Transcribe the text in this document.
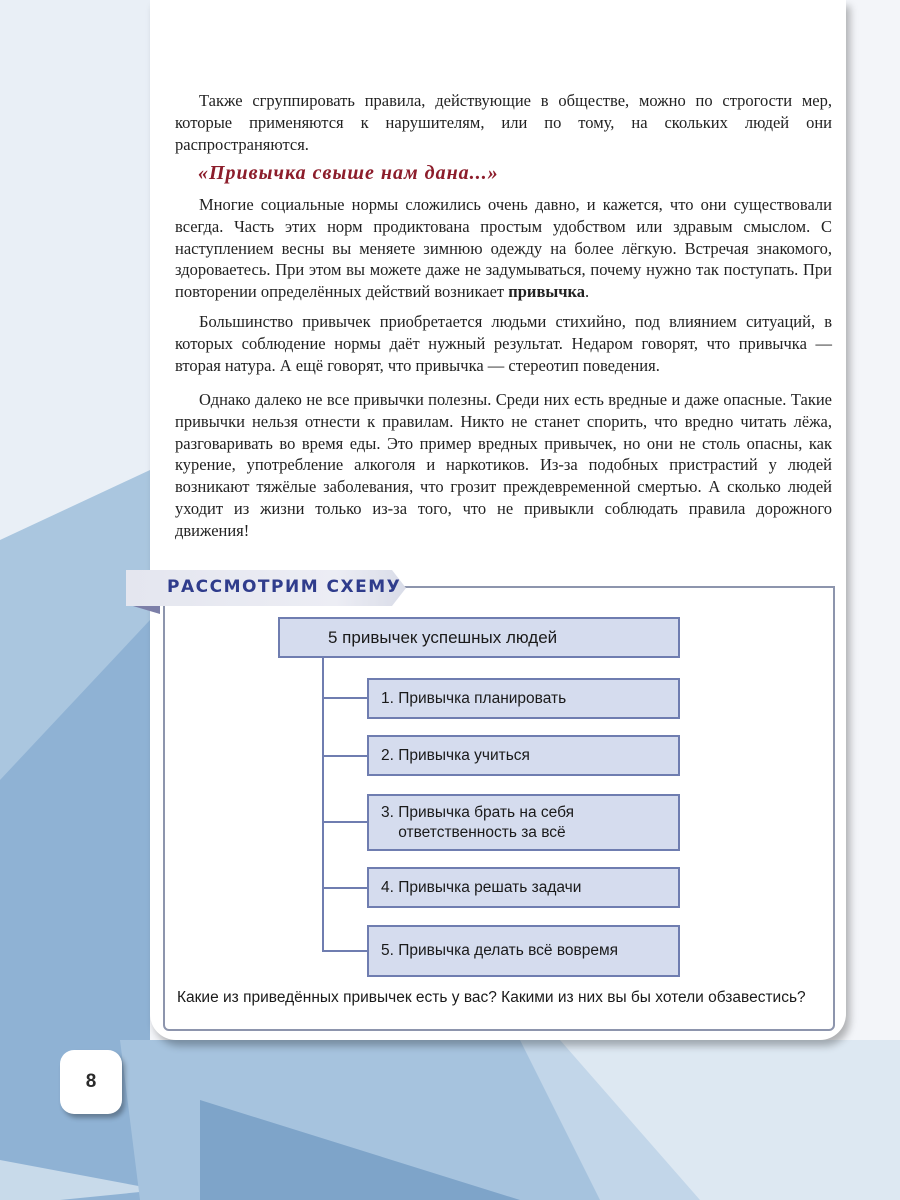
Также сгруппировать правила, действующие в обществе, можно по строгости мер, которые применяются к нарушителям, или по тому, на скольких людей они распространяются.

«Привычка свыше нам дана...»

Многие социальные нормы сложились очень давно, и кажется, что они существовали всегда. Часть этих норм продиктована простым удобством или здравым смыслом. С наступлением весны вы меняете зимнюю одежду на более лёгкую. Встречая знакомого, здороваетесь. При этом вы можете даже не задумываться, почему нужно так поступать. При повторении определённых действий возникает привычка.

Большинство привычек приобретается людьми стихийно, под влиянием ситуаций, в которых соблюдение нормы даёт нужный результат. Недаром говорят, что привычка — вторая натура. А ещё говорят, что привычка — стереотип поведения.

Однако далеко не все привычки полезны. Среди них есть вредные и даже опасные. Такие привычки нельзя отнести к правилам. Никто не станет спорить, что вредно читать лёжа, разговаривать во время еды. Это пример вредных привычек, но они не столь опасны, как курение, употребление алкоголя и наркотиков. Из-за подобных пристрастий у людей возникают тяжёлые заболевания, что грозит преждевременной смертью. А сколько людей уходит из жизни только из-за того, что не привыкли соблюдать правила дорожного движения!

РАССМОТРИМ СХЕМУ

5 привычек успешных людей
1. Привычка планировать
2. Привычка учиться
3. Привычка брать на себя
ответственность за всё
4. Привычка решать задачи
5. Привычка делать всё вовремя

Какие из приведённых привычек есть у вас? Какими из них вы бы хотели обзавестись?

8
